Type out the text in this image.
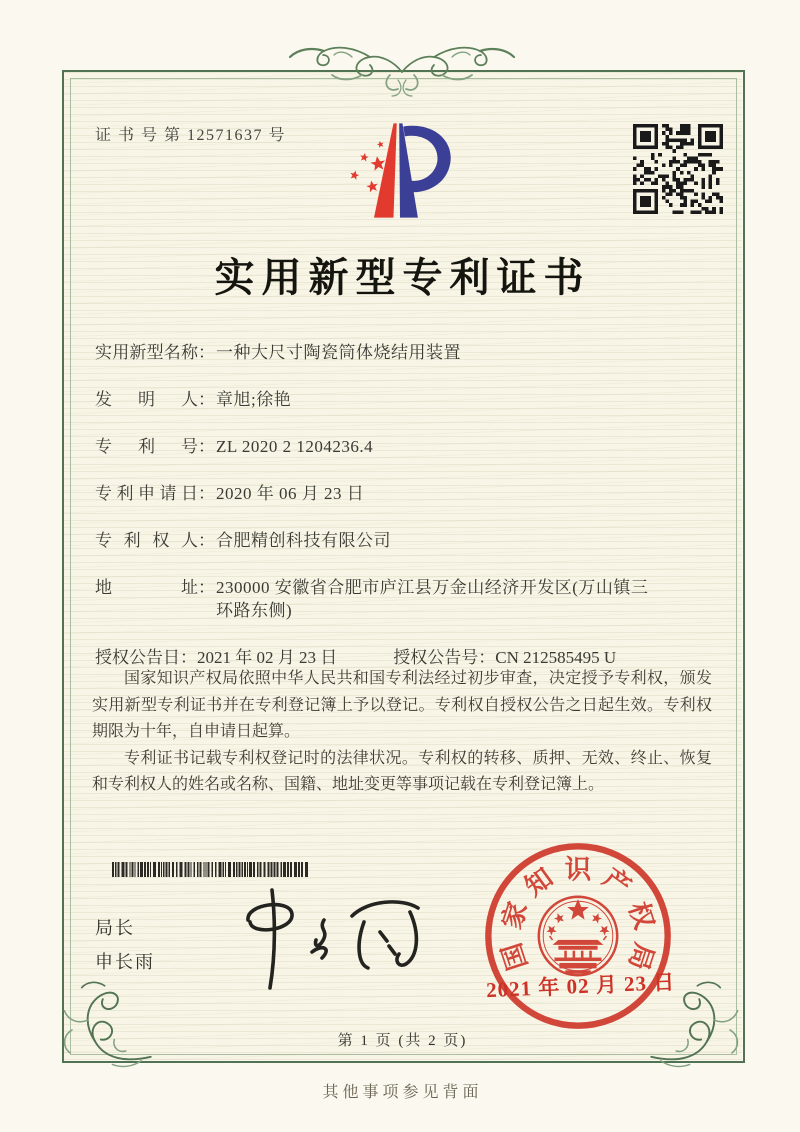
证 书 号 第 12571637 号
实用新型专利证书
实用新型名称 ： 一种大尺寸陶瓷筒体烧结用装置
发明人 ： 章旭;徐艳
专利号 ： ZL 2020 2 1204236.4
专利申请日 ： 2020 年 06 月 23 日
专利权人 ： 合肥精创科技有限公司
地址 ： 230000 安徽省合肥市庐江县万金山经济开发区(万山镇三环路东侧)
授权公告日 ： 2021 年 02 月 23 日	授权公告号 ： CN 212585495 U

国家知识产权局依照中华人民共和国专利法经过初步审查，决定授予专利权，颁发实用新型专利证书并在专利登记簿上予以登记。专利权自授权公告之日起生效。专利权期限为十年，自申请日起算。

专利证书记载专利权登记时的法律状况。专利权的转移、质押、无效、终止、恢复和专利权人的姓名或名称、国籍、地址变更等事项记载在专利登记簿上。

局长
申长雨	国
家
知 识 产
权
局
2021 年 02 月 23 日
第 1 页 (共 2 页)
其他事项参见背面
